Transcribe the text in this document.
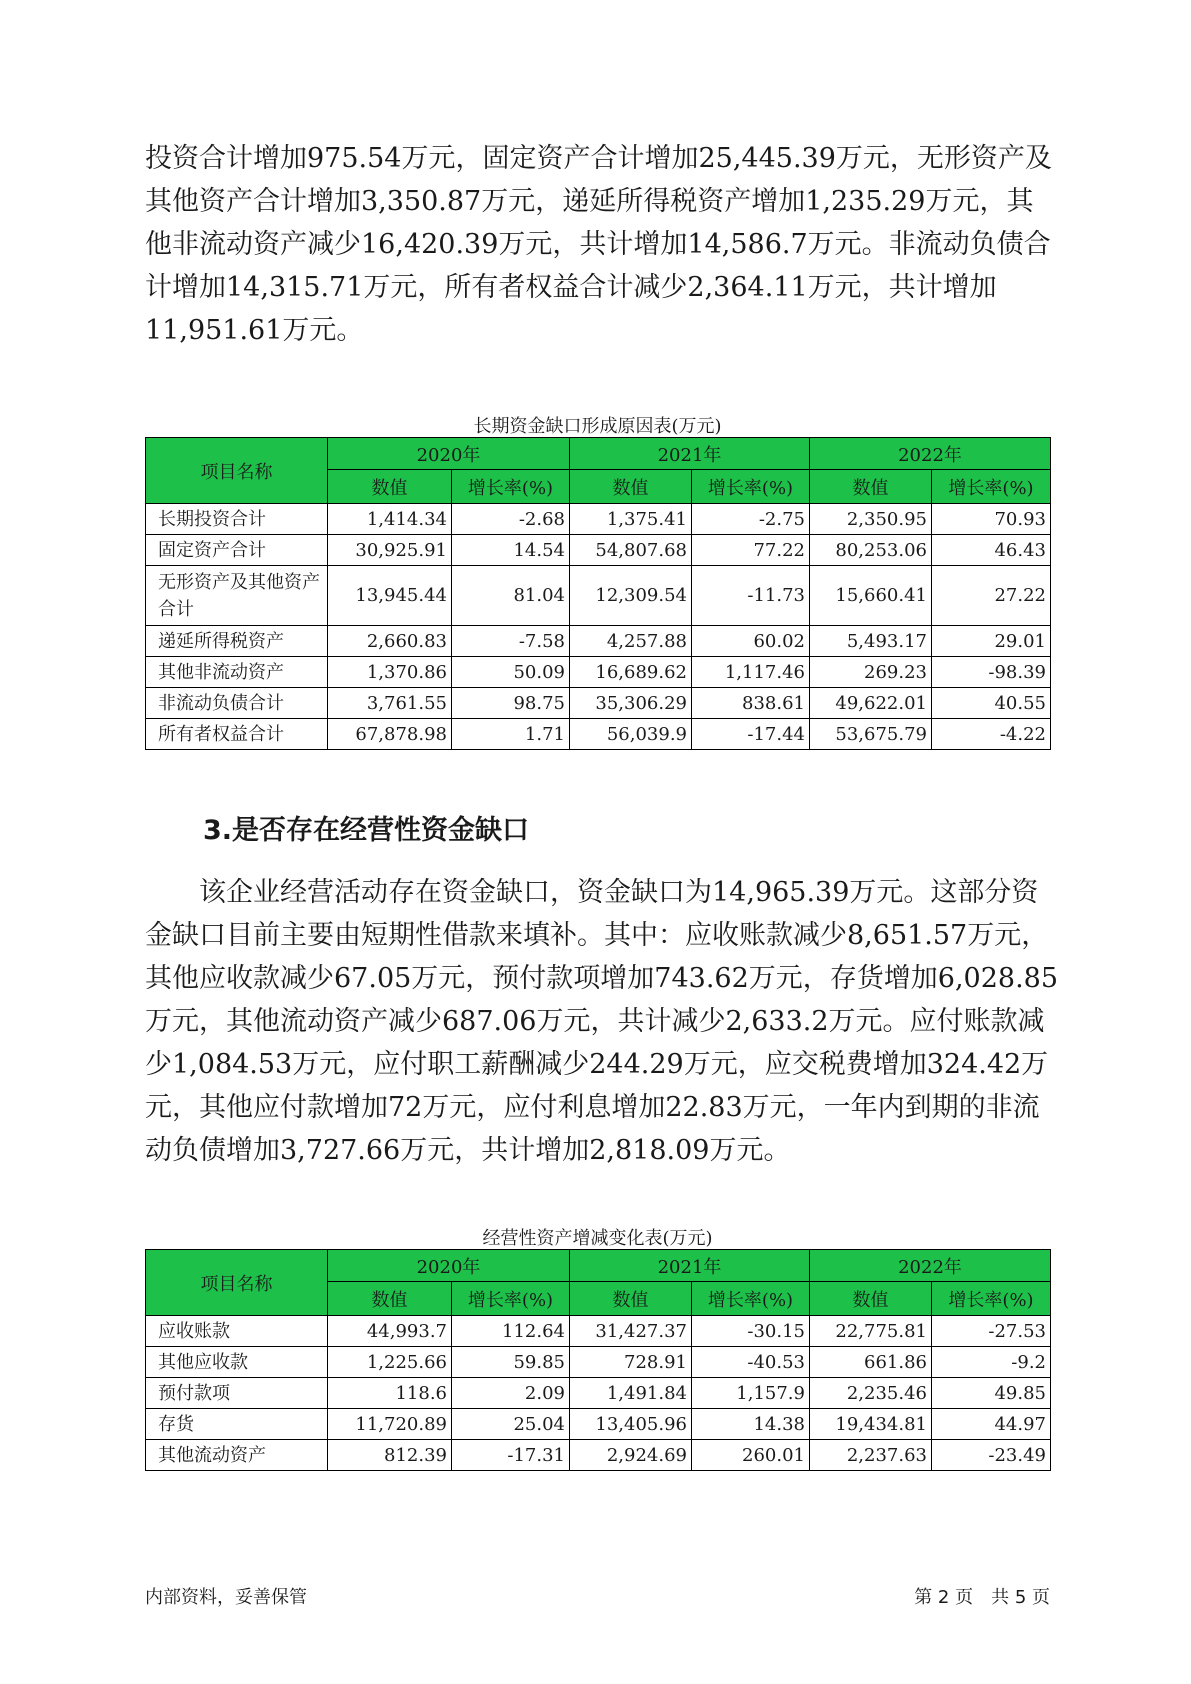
投资合计增加975.54万元，固定资产合计增加25,445.39万元，无形资产及
其他资产合计增加3,350.87万元，递延所得税资产增加1,235.29万元，其
他非流动资产减少16,420.39万元，共计增加14,586.7万元。非流动负债合
计增加14,315.71万元，所有者权益合计减少2,364.11万元，共计增加
11,951.61万元。

长期资金缺口形成原因表(万元)

项目名称	2020年		2021年		2022年	
	数值	增长率(%)	数值	增长率(%)	数值	增长率(%)
长期投资合计	1,414.34	-2.68	1,375.41	-2.75	2,350.95	70.93
固定资产合计	30,925.91	14.54	54,807.68	77.22	80,253.06	46.43
无形资产及其他资产合计	13,945.44	81.04	12,309.54	-11.73	15,660.41	27.22
递延所得税资产	2,660.83	-7.58	4,257.88	60.02	5,493.17	29.01
其他非流动资产	1,370.86	50.09	16,689.62	1,117.46	269.23	-98.39
非流动负债合计	3,761.55	98.75	35,306.29	838.61	49,622.01	40.55
所有者权益合计	67,878.98	1.71	56,039.9	-17.44	53,675.79	-4.22
3.是否存在经营性资金缺口

　　该企业经营活动存在资金缺口，资金缺口为14,965.39万元。这部分资
金缺口目前主要由短期性借款来填补。其中：应收账款减少8,651.57万元，
其他应收款减少67.05万元，预付款项增加743.62万元，存货增加6,028.85
万元，其他流动资产减少687.06万元，共计减少2,633.2万元。应付账款减
少1,084.53万元，应付职工薪酬减少244.29万元，应交税费增加324.42万
元，其他应付款增加72万元，应付利息增加22.83万元，一年内到期的非流
动负债增加3,727.66万元，共计增加2,818.09万元。

经营性资产增减变化表(万元)

项目名称	2020年		2021年		2022年	
	数值	增长率(%)	数值	增长率(%)	数值	增长率(%)
应收账款	44,993.7	112.64	31,427.37	-30.15	22,775.81	-27.53
其他应收款	1,225.66	59.85	728.91	-40.53	661.86	-9.2
预付款项	118.6	2.09	1,491.84	1,157.9	2,235.46	49.85
存货	11,720.89	25.04	13,405.96	14.38	19,434.81	44.97
其他流动资产	812.39	-17.31	2,924.69	260.01	2,237.63	-23.49
内部资料，妥善保管	第 2 页　共 5 页
